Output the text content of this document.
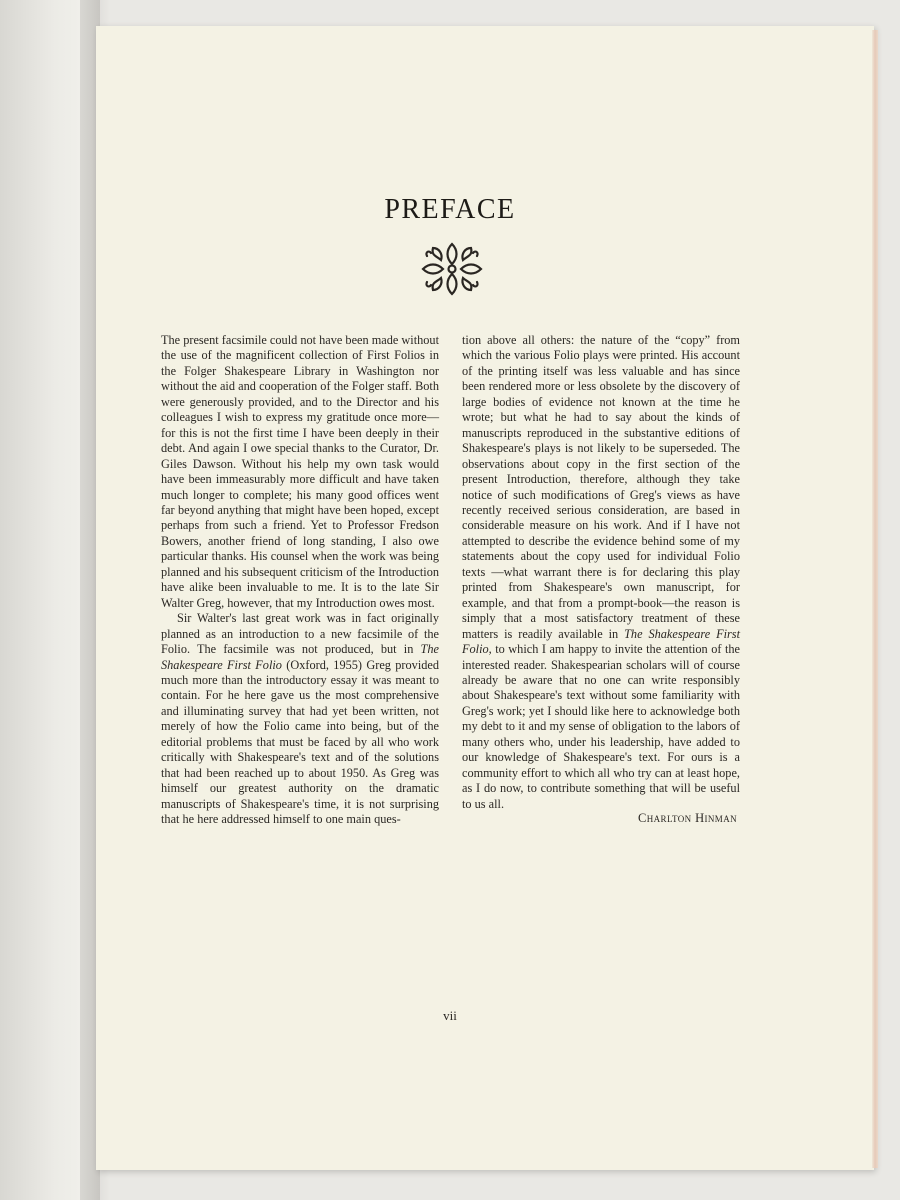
PREFACE

The present facsimile could not have been made without the use of the magnificent collection of First Folios in the Folger Shakespeare Library in Washington nor without the aid and cooperation of the Folger staff. Both were generously provided, and to the Director and his colleagues I wish to express my gratitude once more—for this is not the first time I have been deeply in their debt. And again I owe special thanks to the Curator, Dr. Giles Dawson. Without his help my own task would have been immeasurably more difficult and have taken much longer to complete; his many good offices went far beyond anything that might have been hoped, except perhaps from such a friend. Yet to Professor Fredson Bowers, another friend of long standing, I also owe particular thanks. His counsel when the work was being planned and his subsequent criticism of the Introduction have alike been invaluable to me. It is to the late Sir Walter Greg, however, that my Introduction owes most.

Sir Walter's last great work was in fact originally planned as an introduction to a new facsimile of the Folio. The facsimile was not produced, but in The Shakespeare First Folio (Oxford, 1955) Greg provided much more than the introductory essay it was meant to contain. For he here gave us the most comprehensive and illuminating survey that had yet been written, not merely of how the Folio came into being, but of the editorial problems that must be faced by all who work critically with Shakespeare's text and of the solutions that had been reached up to about 1950. As Greg was himself our greatest authority on the dramatic manuscripts of Shakespeare's time, it is not surprising that he here addressed himself to one main ques-

tion above all others: the nature of the “copy” from which the various Folio plays were printed. His account of the printing itself was less valuable and has since been rendered more or less obsolete by the discovery of large bodies of evidence not known at the time he wrote; but what he had to say about the kinds of manuscripts reproduced in the substantive editions of Shakespeare's plays is not likely to be superseded. The observations about copy in the first section of the present Introduction, therefore, although they take notice of such modifications of Greg's views as have recently received serious consideration, are based in considerable measure on his work. And if I have not attempted to describe the evidence behind some of my statements about the copy used for individual Folio texts —what warrant there is for declaring this play printed from Shakespeare's own manuscript, for example, and that from a prompt-book—the reason is simply that a most satisfactory treatment of these matters is readily available in The Shakespeare First Folio, to which I am happy to invite the attention of the interested reader. Shakespearian scholars will of course already be aware that no one can write responsibly about Shakespeare's text without some familiarity with Greg's work; yet I should like here to acknowledge both my debt to it and my sense of obligation to the labors of many others who, under his leadership, have added to our knowledge of Shakespeare's text. For ours is a community effort to which all who try can at least hope, as I do now, to contribute something that will be useful to us all.

Charlton Hinman
vii
